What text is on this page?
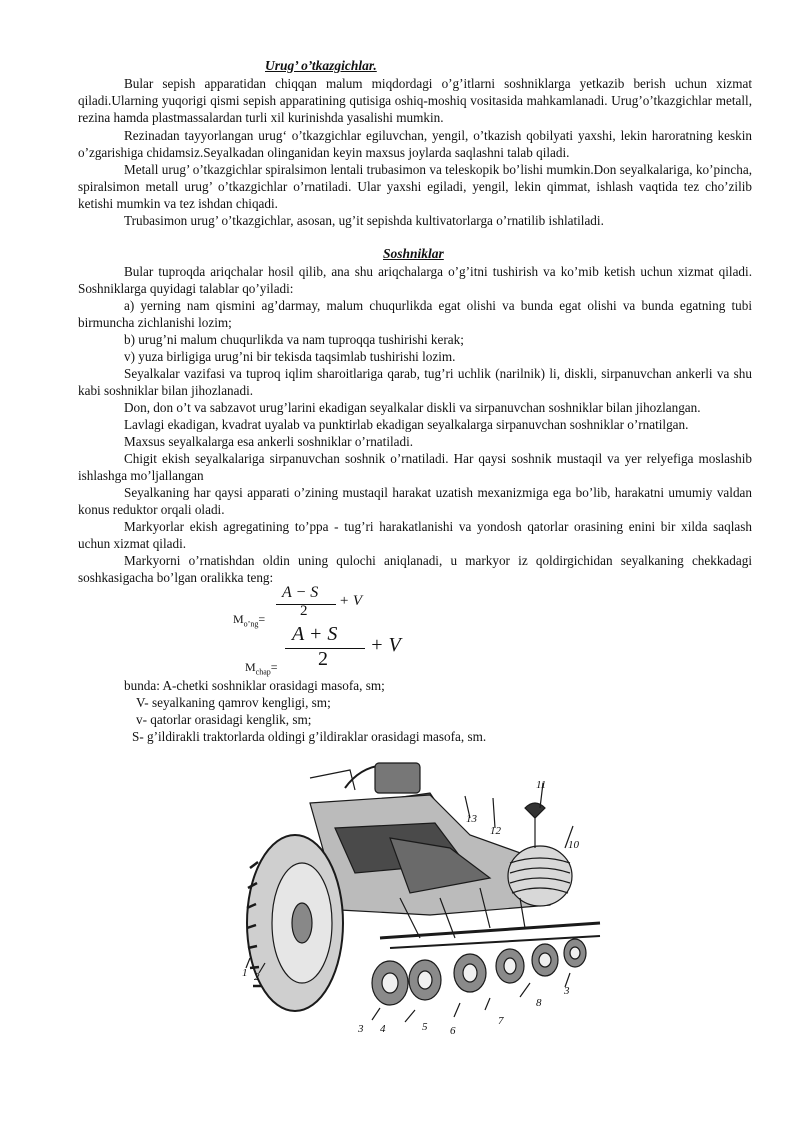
Urug’ o’tkazgichlar.

Bular sepish apparatidan chiqqan malum miqdordagi o’g’itlarni soshniklarga yetkazib berish uchun xizmat qiladi.Ularning yuqorigi qismi sepish apparatining qutisiga oshiq-moshiq vositasida mahkamlanadi. Urug’o’tkazgichlar metall, rezina hamda plastmassalardan turli xil kurinishda yasalishi mumkin.

Rezinadan tayyorlangan urug‘ o’tkazgichlar egiluvchan, yengil, o’tkazish qobilyati yaxshi, lekin haroratning keskin o’zgarishiga chidamsiz.Seyalkadan olinganidan keyin maxsus joylarda saqlashni talab qiladi.

Metall urug’ o’tkazgichlar spiralsimon lentali trubasimon va teleskopik bo’lishi mumkin.Don seyalkalariga, ko’pincha, spiralsimon metall urug’ o’tkazgichlar o’rnatiladi. Ular yaxshi egiladi, yengil, lekin qimmat, ishlash vaqtida tez cho’zilib ketishi mumkin va tez ishdan chiqadi.

Trubasimon urug’ o’tkazgichlar, asosan, ug’it sepishda kultivatorlarga o’rnatilib ishlatiladi.

Soshniklar

Bular tuproqda ariqchalar hosil qilib, ana shu ariqchalarga o’g’itni tushirish va ko’mib ketish uchun xizmat qiladi. Soshniklarga quyidagi talablar qo’yiladi:

a) yerning nam qismini ag’darmay, malum chuqurlikda egat olishi va bunda egat olishi va bunda egatning tubi birmuncha zichlanishi lozim;

b) urug’ni malum chuqurlikda va nam tuproqqa tushirishi kerak;

v) yuza birligiga urug’ni bir tekisda taqsimlab tushirishi lozim.

Seyalkalar vazifasi va tuproq iqlim sharoitlariga qarab, tug’ri uchlik (narilnik) li, diskli, sirpanuvchan ankerli va shu kabi soshniklar bilan jihozlanadi.

Don, don o’t va sabzavot urug’larini ekadigan seyalkalar diskli va sirpanuvchan soshniklar bilan jihozlangan.

Lavlagi ekadigan, kvadrat uyalab va punktirlab ekadigan seyalkalarga sirpanuvchan soshniklar o’rnatilgan.

Maxsus seyalkalarga esa ankerli soshniklar o’rnatiladi.

Chigit ekish seyalkalariga sirpanuvchan soshnik o’rnatiladi. Har qaysi soshnik mustaqil va yer relyefiga moslashib ishlashga mo’ljallangan

Seyalkaning har qaysi apparati o’zining mustaqil harakat uzatish mexanizmiga ega bo’lib, harakatni umumiy valdan konus reduktor orqali oladi.

Markyorlar ekish agregatining to’ppa - tug’ri harakatlanishi va yondosh qatorlar orasining enini bir xilda saqlash uchun xizmat qiladi.

Markyorni o’rnatishdan oldin uning qulochi aniqlanadi, u markyor iz qoldirgichidan seyalkaning chekkadagi soshkasigacha bo’lgan oralikka teng:

$M_{o’ng}=$
A − S
2
+ V
$M_{chap}=$
A + S
2
+ V

bunda: A-chetki soshniklar orasidagi masofa, sm;

V- seyalkaning qamrov kengligi, sm;

v- qatorlar orasidagi kenglik, sm;

S- g’ildirakli traktorlarda oldingi g’ildiraklar orasidagi masofa, sm.

1 2
3 4	5 6
7
8
3
10
11
12
13
